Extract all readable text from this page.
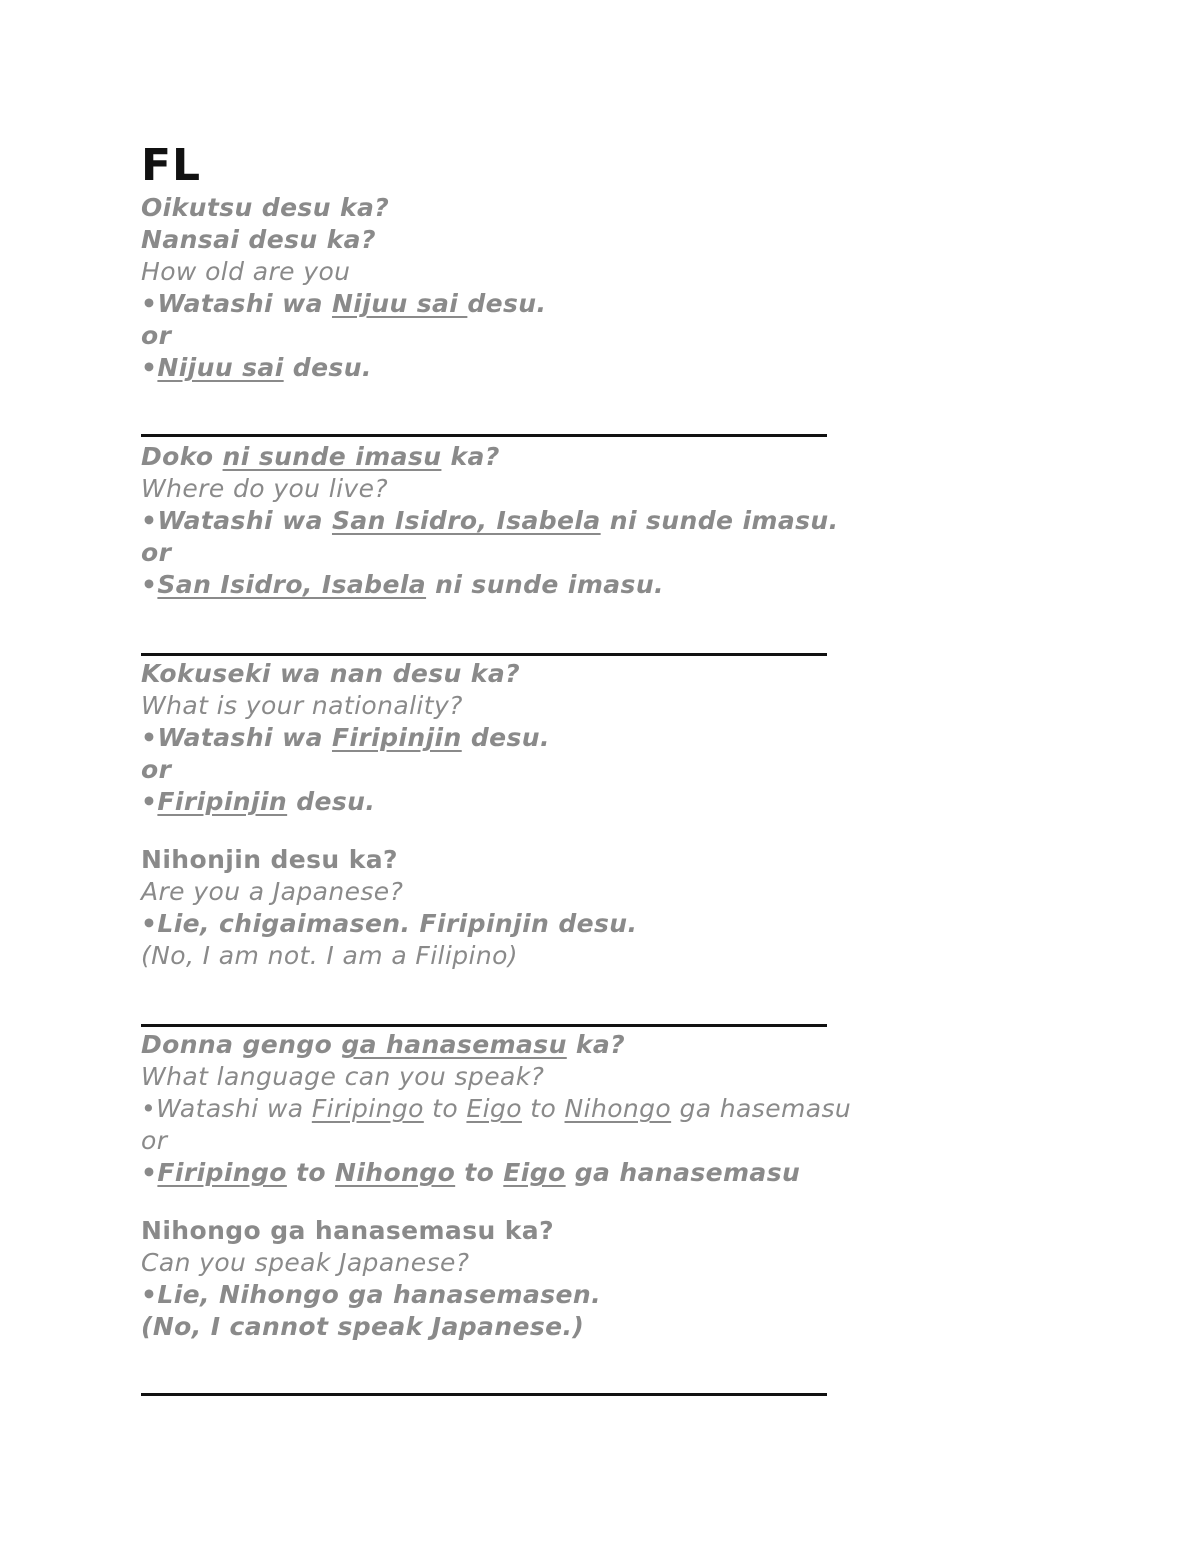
FL

Oikutsu desu ka?

Nansai desu ka?

How old are you

•Watashi wa Nijuu sai desu.

or

•Nijuu sai desu.

Doko ni sunde imasu ka?

Where do you live?

•Watashi wa San Isidro, Isabela ni sunde imasu.

or

•San Isidro, Isabela ni sunde imasu.

Kokuseki wa nan desu ka?

What is your nationality?

•Watashi wa Firipinjin desu.

or

•Firipinjin desu.

Nihonjin desu ka?

Are you a Japanese?

•Lie, chigaimasen. Firipinjin desu.

(No, I am not. I am a Filipino)

Donna gengo ga hanasemasu ka?

What language can you speak?

•Watashi wa Firipingo to Eigo to Nihongo ga hasemasu

or

•Firipingo to Nihongo to Eigo ga hanasemasu

Nihongo ga hanasemasu ka?

Can you speak Japanese?

•Lie, Nihongo ga hanasemasen.

(No, I cannot speak Japanese.)
